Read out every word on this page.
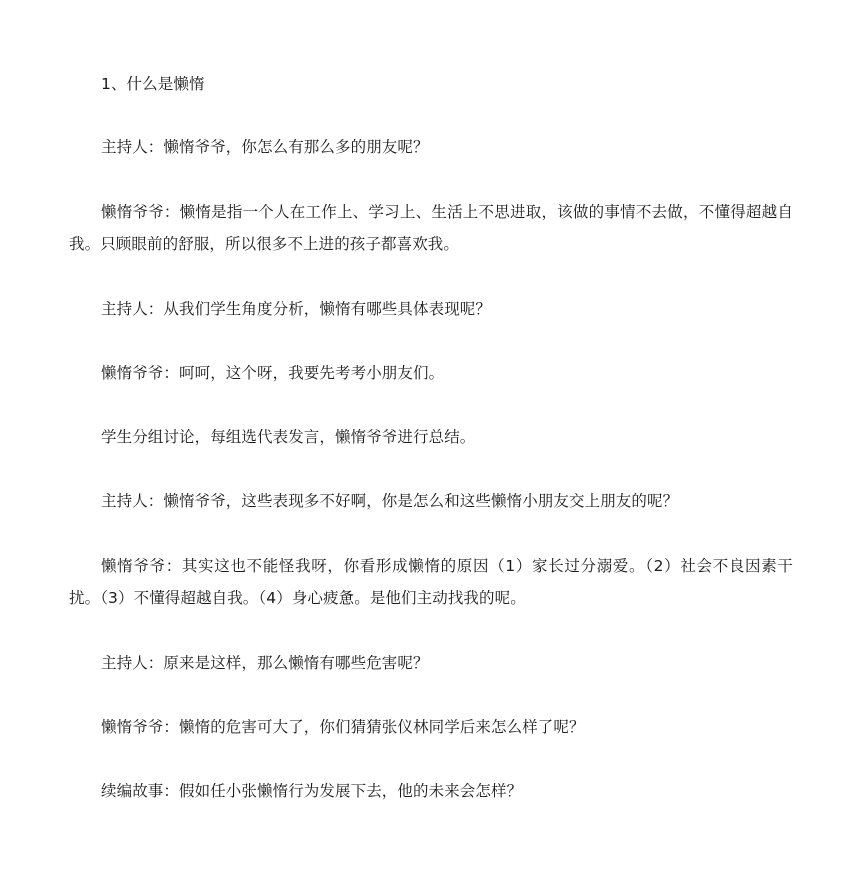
1、什么是懒惰

主持人：懒惰爷爷，你怎么有那么多的朋友呢？

懒惰爷爷：懒惰是指一个人在工作上、学习上、生活上不思进取，该做的事情不去做，不懂得超越自我。只顾眼前的舒服，所以很多不上进的孩子都喜欢我。

主持人：从我们学生角度分析，懒惰有哪些具体表现呢？

懒惰爷爷：呵呵，这个呀，我要先考考小朋友们。

学生分组讨论，每组选代表发言，懒惰爷爷进行总结。

主持人：懒惰爷爷，这些表现多不好啊，你是怎么和这些懒惰小朋友交上朋友的呢？

懒惰爷爷：其实这也不能怪我呀，你看形成懒惰的原因（1）家长过分溺爱。（2）社会不良因素干扰。（3）不懂得超越自我。（4）身心疲惫。是他们主动找我的呢。

主持人：原来是这样，那么懒惰有哪些危害呢？

懒惰爷爷：懒惰的危害可大了，你们猜猜张仪林同学后来怎么样了呢？

续编故事：假如任小张懒惰行为发展下去，他的未来会怎样？
